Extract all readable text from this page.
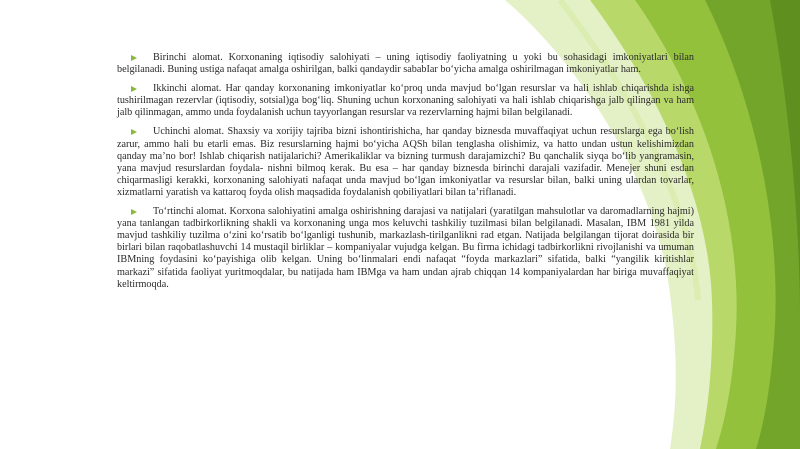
Birinchi alomat. Korxonaning iqtisodiy salohiyati – uning iqtisodiy faoliyatning u yoki bu sohasidagi imkoniyatlari bilan belgilanadi. Buning ustiga nafaqat amalga oshirilgan, balki qandaydir sababIar bo‘yicha amalga oshirilmagan imkoniyatlar ham.

Ikkinchi alomat. Har qanday korxonaning imkoniyatlar ko‘proq unda mavjud bo‘lgan resurslar va hali ishlab chiqarishda ishga tushirilmagan rezervlar (iqtisodiy, sotsial)ga bog‘liq. Shuning uchun korxonaning salohiyati va hali ishlab chiqarishga jalb qilingan va ham jalb qilinmagan, ammo unda foydalanish uchun tayyorlangan resurslar va rezervlarning hajmi bilan belgilanadi.

Uchinchi alomat. Shaxsiy va xorijiy tajriba bizni ishontirishicha, har qanday biznesda muvaffaqiyat uchun resurslarga ega bo‘lish zarur, ammo hali bu etarli emas. Biz resurslarning hajmi bo‘yicha AQSh bilan tenglasha olishimiz, va hatto undan ustun kelishimizdan qanday ma’no bor! Ishlab chiqarish natijalarichi? Amerikaliklar va bizning turmush darajamizchi? Bu qanchalik siyqa bo‘lib yangramasin, yana mavjud resurslardan foydala- nishni bilmoq kerak. Bu esa – har qanday biznesda birinchi darajali vazifadir. Menejer shuni esdan chiqarmasligi kerakki, korxonaning salohiyati nafaqat unda mavjud bo‘lgan imkoniyatlar va resurslar bilan, balki uning ulardan tovarlar, xizmatlarni yaratish va kattaroq foyda olish maqsadida foydalanish qobiliyatlari bilan ta’riflanadi.

To‘rtinchi alomat. Korxona salohiyatini amalga oshirishning darajasi va natijalari (yaratilgan mahsulotlar va daromadlarning hajmi) yana tanlangan tadbirkorlikning shakli va korxonaning unga mos keluvchi tashkiliy tuzilmasi bilan belgilanadi. Masalan, IBM 1981 yilda mavjud tashkiliy tuzilma o‘zini ko‘rsatib bo‘lganligi tushunib, markazlash-tirilganlikni rad etgan. Natijada belgilangan tijorat doirasida bir birlari bilan raqobatlashuvchi 14 mustaqil birliklar – kompaniyalar vujudga kelgan. Bu firma ichidagi tadbirkorlikni rivojlanishi va umuman IBMning foydasini ko‘payishiga olib kelgan. Uning bo‘linmalari endi nafaqat “foyda markazlari” sifatida, balki “yangilik kiritishlar markazi” sifatida faoliyat yuritmoqdalar, bu natijada ham IBMga va ham undan ajrab chiqqan 14 kompaniyalardan har biriga muvaffaqiyat keltirmoqda.
